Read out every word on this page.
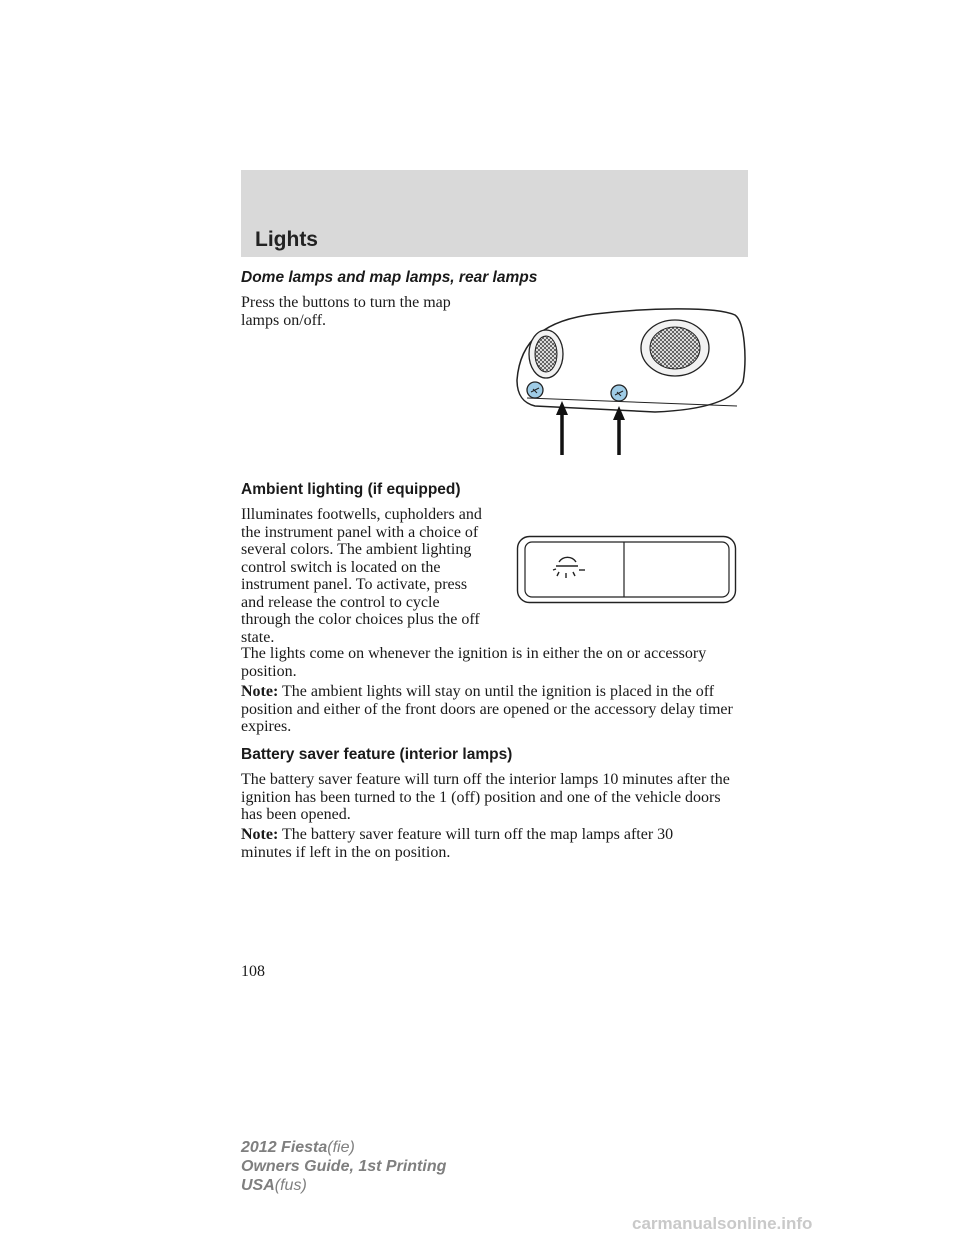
Lights
Dome lamps and map lamps, rear lamps

Press the buttons to turn the map lamps on/off.

Ambient lighting (if equipped)

Illuminates footwells, cupholders and the instrument panel with a choice of several colors. The ambient lighting control switch is located on the instrument panel. To activate, press and release the control to cycle through the color choices plus the off state.

The lights come on whenever the ignition is in either the on or accessory position.

Note: The ambient lights will stay on until the ignition is placed in the off position and either of the front doors are opened or the accessory delay timer expires.

Battery saver feature (interior lamps)

The battery saver feature will turn off the interior lamps 10 minutes after the ignition has been turned to the 1 (off) position and one of the vehicle doors has been opened.

Note: The battery saver feature will turn off the map lamps after 30 minutes if left in the on position.

108
2012 Fiesta(fie)
Owners Guide, 1st Printing
USA(fus)
carmanualsonline.info
